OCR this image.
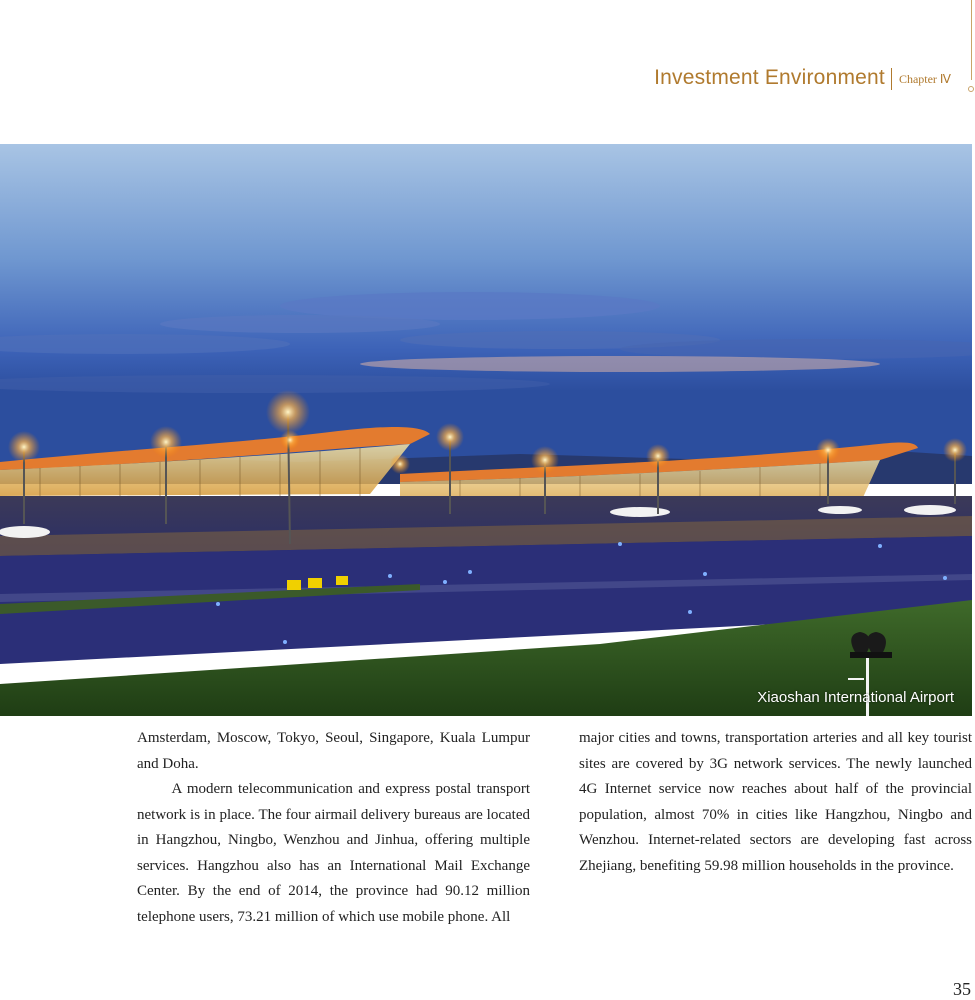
Investment Environment Chapter Ⅳ
Xiaoshan International Airport

Amsterdam, Moscow, Tokyo, Seoul, Singapore, Kuala Lumpur and Doha.

A modern telecommunication and express postal transport network is in place. The four airmail delivery bureaus are located in Hangzhou, Ningbo, Wenzhou and Jinhua, offering multiple services. Hangzhou also has an International Mail Exchange Center. By the end of 2014, the province had 90.12 million telephone users, 73.21 million of which use mobile phone. All

major cities and towns, transportation arteries and all key tourist sites are covered by 3G network services. The newly launched 4G Internet service now reaches about half of the provincial population, almost 70% in cities like Hangzhou, Ningbo and Wenzhou. Internet-related sectors are developing fast across Zhejiang, benefiting 59.98 million households in the province.

35
